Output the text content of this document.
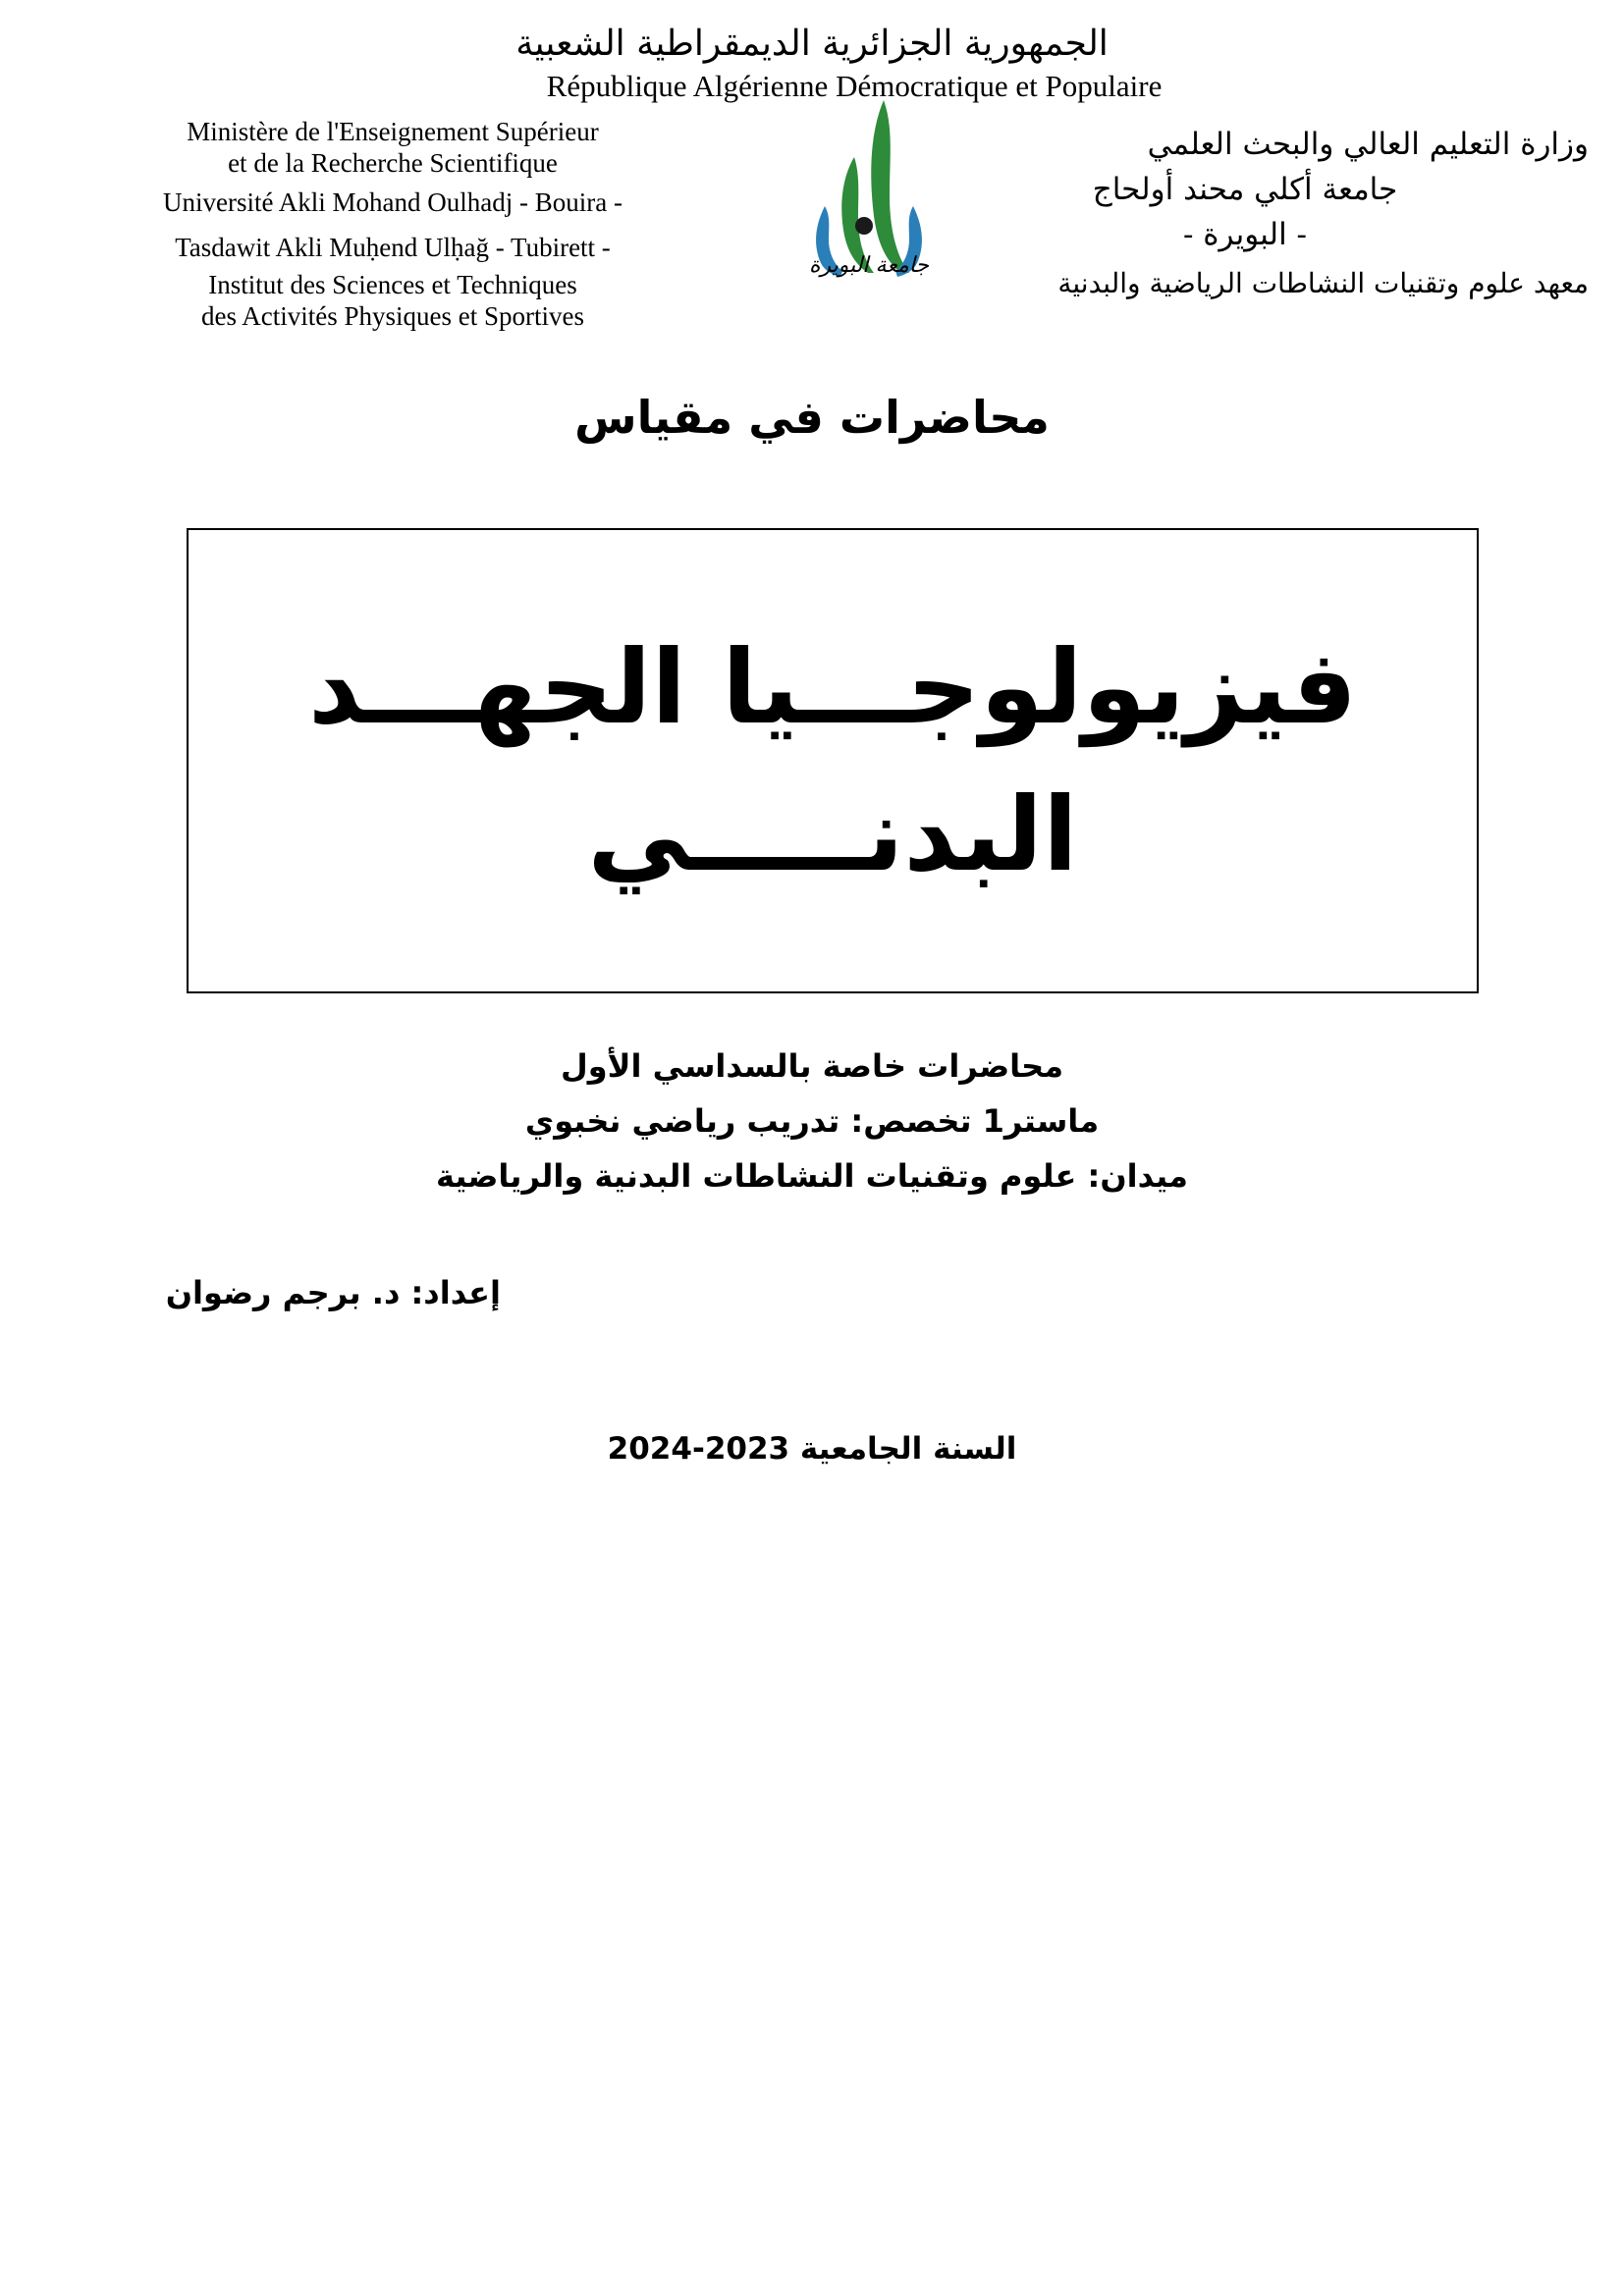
الجمهورية الجزائرية الديمقراطية الشعبية
République Algérienne Démocratique et Populaire
Ministère de l'Enseignement Supérieur
et de la Recherche Scientifique
Université Akli Mohand Oulhadj - Bouira -
Tasdawit Akli Muḥend Ulḥağ - Tubirett -
Institut des Sciences et Techniques
des Activités Physiques et Sportives
جامعة البويرة
وزارة التعليم العالي والبحث العلمي
جامعة أكلي محند أولحاج
- البويرة -
معهد علوم وتقنيات النشاطات الرياضية والبدنية
محاضرات في مقياس
فيزيولوجـــيا الجهـــد
البدنـــــي
محاضرات خاصة بالسداسي الأول
ماستر1 تخصص: تدريب رياضي نخبوي
ميدان: علوم وتقنيات النشاطات البدنية والرياضية
إعداد: د. برجم رضوان
السنة الجامعية 2023-2024
